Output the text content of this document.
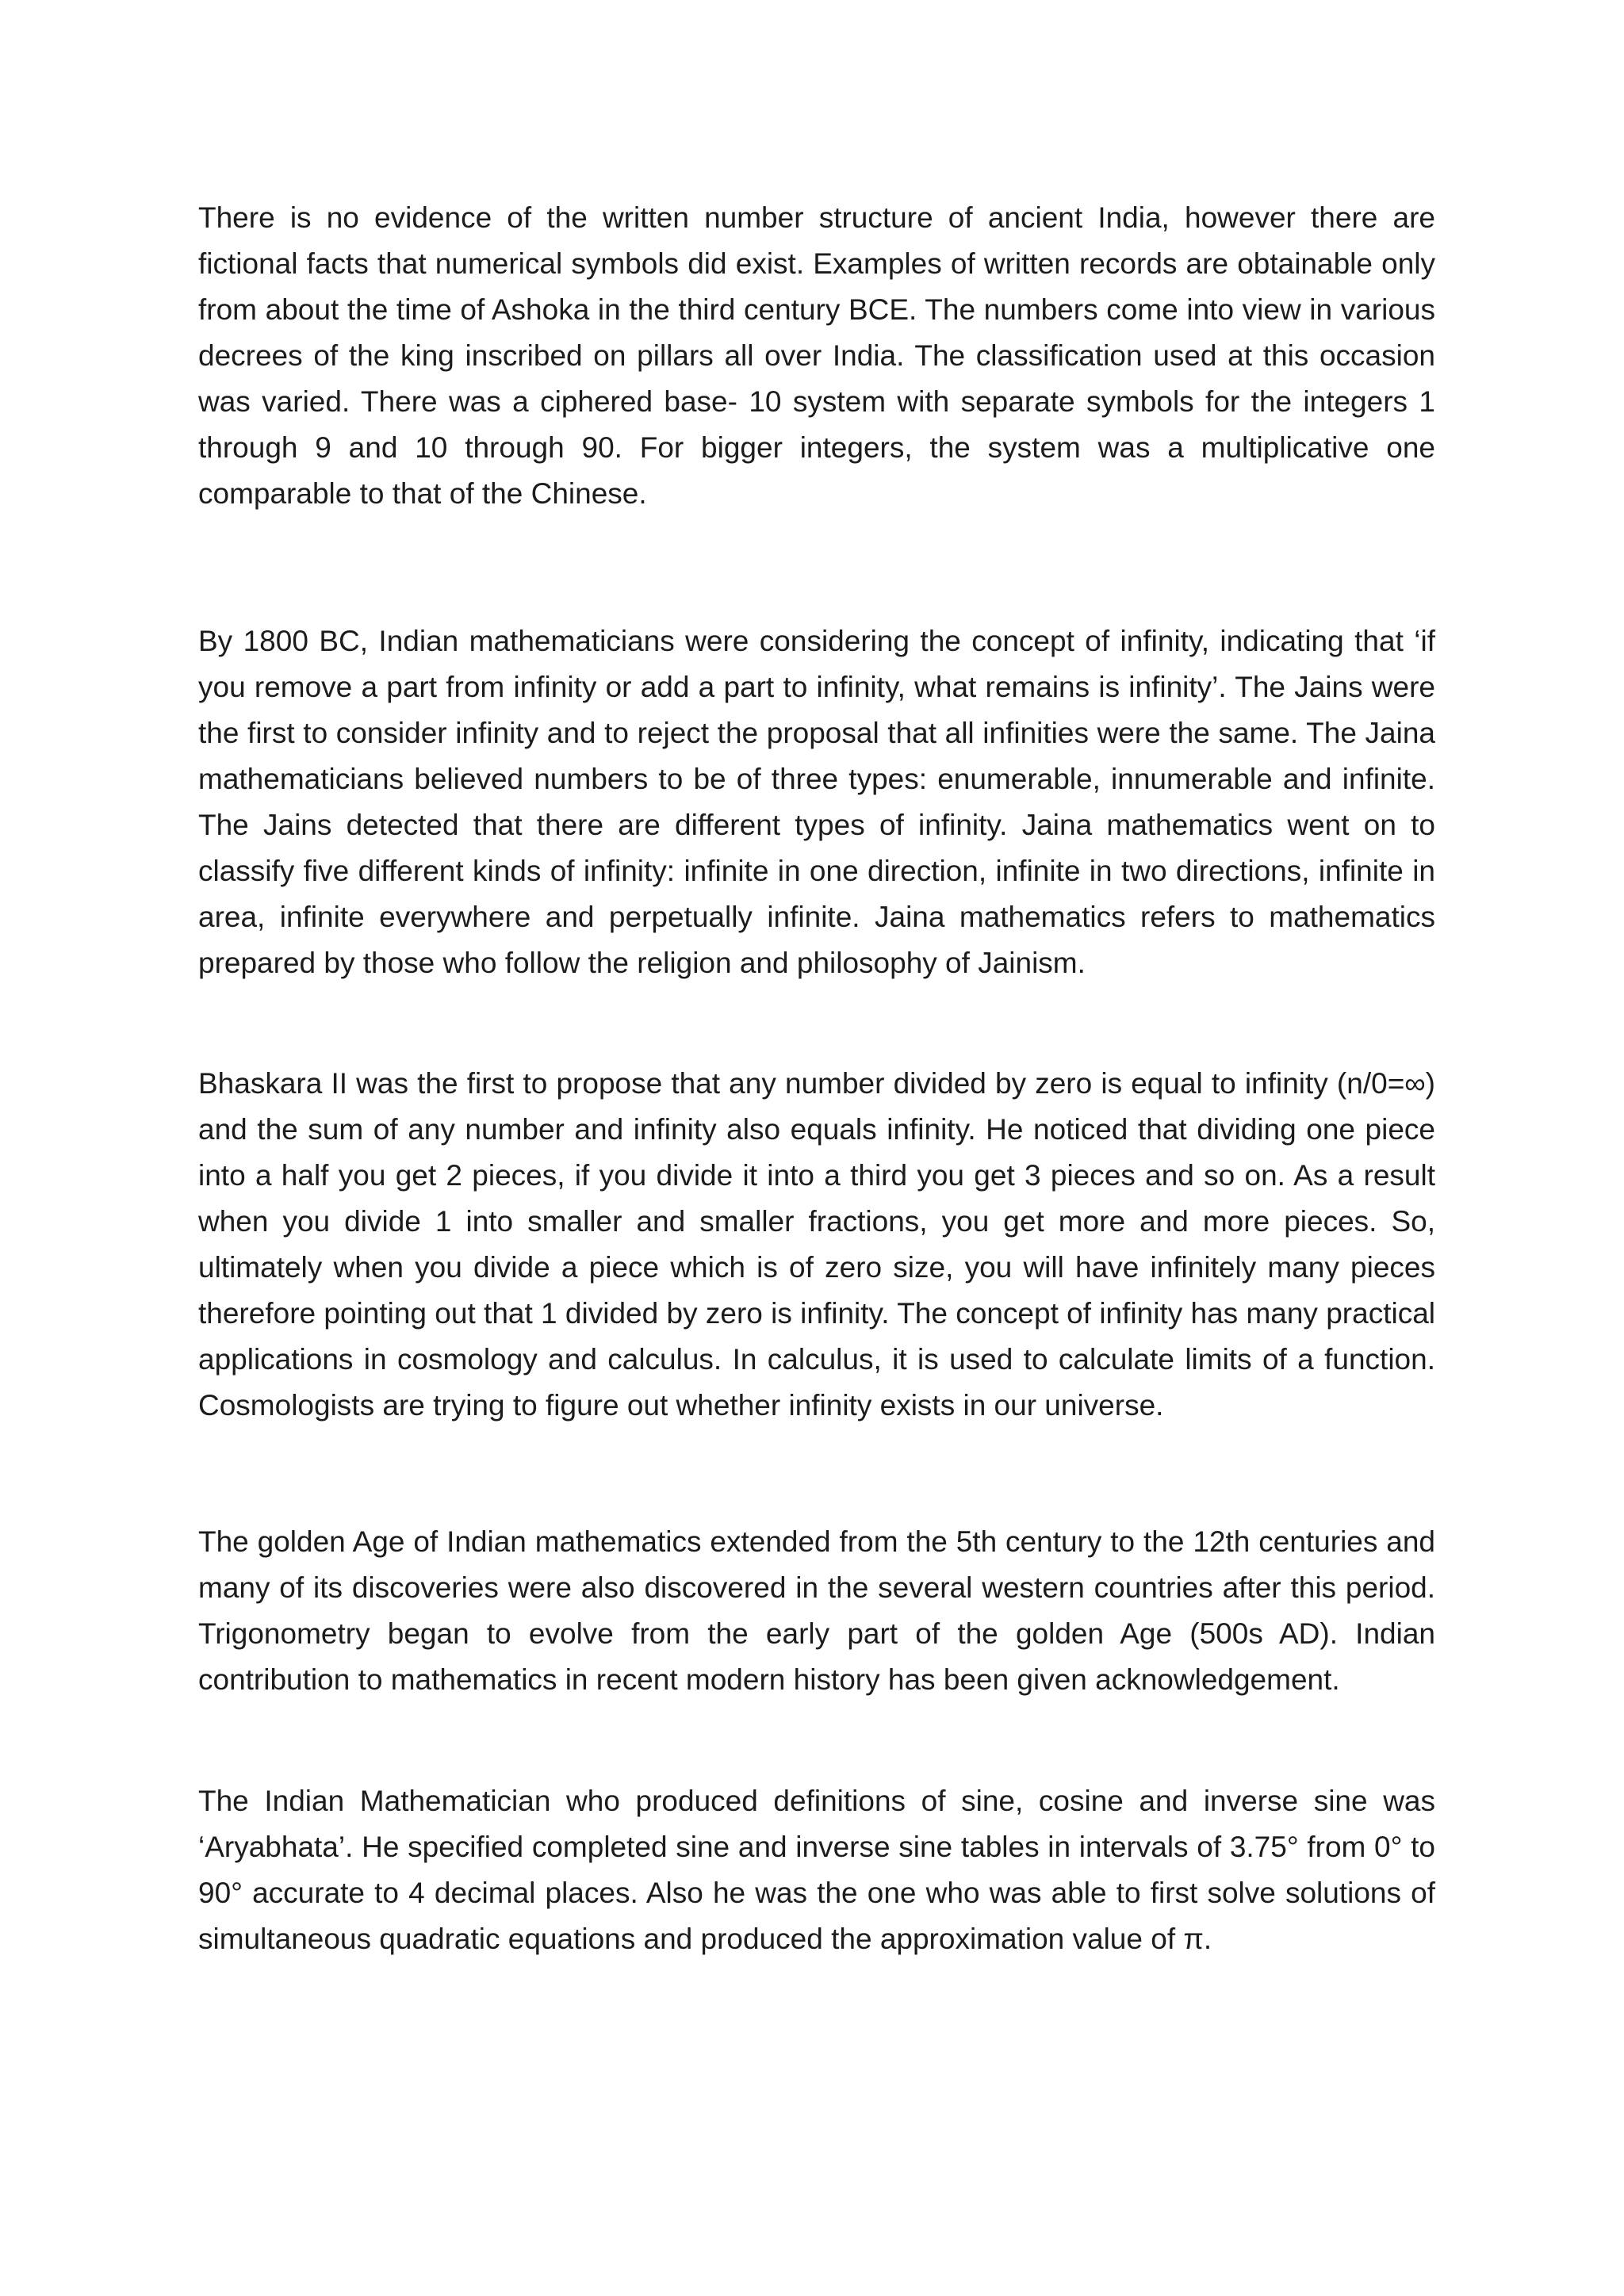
There is no evidence of the written number structure of ancient India, however there are fictional facts that numerical symbols did exist. Examples of written records are obtainable only from about the time of Ashoka in the third century BCE. The numbers come into view in various decrees of the king inscribed on pillars all over India. The classification used at this occasion was varied. There was a ciphered base- 10 system with separate symbols for the integers 1 through 9 and 10 through 90. For bigger integers, the system was a multiplicative one comparable to that of the Chinese.

By 1800 BC, Indian mathematicians were considering the concept of infinity, indicating that ‘if you remove a part from infinity or add a part to infinity, what remains is infinity’. The Jains were the first to consider infinity and to reject the proposal that all infinities were the same. The Jaina mathematicians believed numbers to be of three types: enumerable, innumerable and infinite. The Jains detected that there are different types of infinity. Jaina mathematics went on to classify five different kinds of infinity: infinite in one direction, infinite in two directions, infinite in area, infinite everywhere and perpetually infinite. Jaina mathematics refers to mathematics prepared by those who follow the religion and philosophy of Jainism.

Bhaskara II was the first to propose that any number divided by zero is equal to infinity (n/0=∞) and the sum of any number and infinity also equals infinity. He noticed that dividing one piece into a half you get 2 pieces, if you divide it into a third you get 3 pieces and so on. As a result when you divide 1 into smaller and smaller fractions, you get more and more pieces. So, ultimately when you divide a piece which is of zero size, you will have infinitely many pieces therefore pointing out that 1 divided by zero is infinity. The concept of infinity has many practical applications in cosmology and calculus. In calculus, it is used to calculate limits of a function. Cosmologists are trying to figure out whether infinity exists in our universe.

The golden Age of Indian mathematics extended from the 5th century to the 12th centuries and many of its discoveries were also discovered in the several western countries after this period. Trigonometry began to evolve from the early part of the golden Age (500s AD). Indian contribution to mathematics in recent modern history has been given acknowledgement.

The Indian Mathematician who produced definitions of sine, cosine and inverse sine was ‘Aryabhata’. He specified completed sine and inverse sine tables in intervals of 3.75° from 0° to 90° accurate to 4 decimal places. Also he was the one who was able to first solve solutions of simultaneous quadratic equations and produced the approximation value of π.
